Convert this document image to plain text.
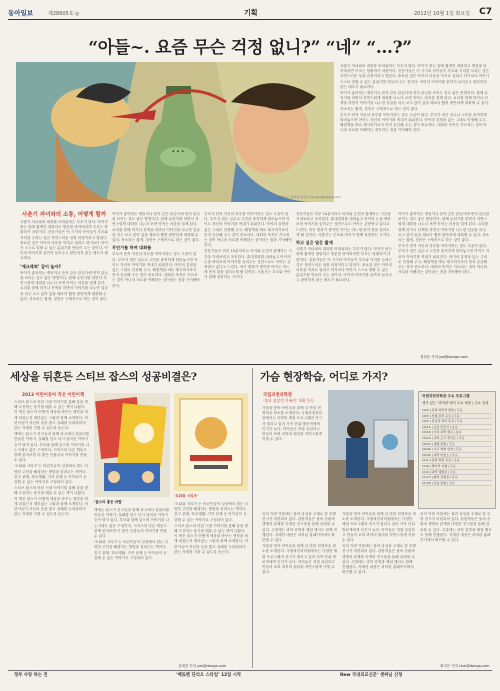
동아일보	제28605호 ◎	기획	2012년 10월 1일 화요일 C7
“아들~. 요즘 무슨 걱정 없니?” “네” “…?”
…
일러스트 김아영 조인주 kimayo@donga.com

사춘기 자녀와의 대화를 어려워하는 부모가 많다. 아이가 묻는 말에 짧게만 대답하고 방문을 닫아버리면 부모는 당황하기 마련이다. 전문가들은 이 시기의 아이들이 부모와 거리를 두려는 것은 자연스러운 성장 과정이라고 말한다. 중요한 것은 아이의 마음을 억지로 열려고 하기보다 아이가 스스로 말할 수 있는 분위기를 만들어 주는 것이다. 아이의 이야기를 끝까지 들어주고 판단하지 않는 태도가 필요하다.

아이가 좋아하는 게임이나 음악 같은 관심사에 먼저 관심을 보이는 것도 좋은 방법이다. 함께 무언가를 하면서 자연스럽게 대화를 나누다 보면 아이는 마음을 열게 된다. 요리를 함께 하거나 산책을 하면서 이야기를 나누면 얼굴을 마주 보고 앉아 있을 때보다 훨씬 편안하게 대화할 수 있다. 잔소리는 짧게, 칭찬은 구체적으로 하는 것이 좋다.

부모가 먼저 자신의 하루를 이야기하는 것도 도움이 된다. 부모가 겪은 실수나 고민을 솔직하게 털어놓으면 아이도 자신의 이야기를 꺼내기 쉬워진다. 아이의 감정을 있는 그대로 인정해 주고, 해결책을 바로 제시하기보다 먼저 공감해 주는 것이 중요하다. 대화의 목적은 가르치는 것이 아니라 서로를 이해하는 것이라는 점을 기억해야 한다.

사춘기 자녀와의 소통, 어떻게 할까

사춘기 자녀와의 대화를 어려워하는 부모가 많다. 아이가 묻는 말에 짧게만 대답하고 방문을 닫아버리면 부모는 당황하기 마련이다. 전문가들은 이 시기의 아이들이 부모와 거리를 두려는 것은 자연스러운 성장 과정이라고 말한다. 중요한 것은 아이의 마음을 억지로 열려고 하기보다 아이가 스스로 말할 수 있는 분위기를 만들어 주는 것이다. 아이의 이야기를 끝까지 들어주고 판단하지 않는 태도가 필요하다.

‘계크레쳐’ 같이 놀자?

아이가 좋아하는 게임이나 음악 같은 관심사에 먼저 관심을 보이는 것도 좋은 방법이다. 함께 무언가를 하면서 자연스럽게 대화를 나누다 보면 아이는 마음을 열게 된다. 요리를 함께 하거나 산책을 하면서 이야기를 나누면 얼굴을 마주 보고 앉아 있을 때보다 훨씬 편안하게 대화할 수 있다. 잔소리는 짧게, 칭찬은 구체적으로 하는 것이 좋다.

아이가 좋아하는 게임이나 음악 같은 관심사에 먼저 관심을 보이는 것도 좋은 방법이다. 함께 무언가를 하면서 자연스럽게 대화를 나누다 보면 아이는 마음을 열게 된다. 요리를 함께 하거나 산책을 하면서 이야기를 나누면 얼굴을 마주 보고 앉아 있을 때보다 훨씬 편안하게 대화할 수 있다. 잔소리는 짧게, 칭찬은 구체적으로 하는 것이 좋다.

무언가를 하며 대화를

부모가 먼저 자신의 하루를 이야기하는 것도 도움이 된다. 부모가 겪은 실수나 고민을 솔직하게 털어놓으면 아이도 자신의 이야기를 꺼내기 쉬워진다. 아이의 감정을 있는 그대로 인정해 주고, 해결책을 바로 제시하기보다 먼저 공감해 주는 것이 중요하다. 대화의 목적은 가르치는 것이 아니라 서로를 이해하는 것이라는 점을 기억해야 한다.

부모가 먼저 자신의 하루를 이야기하는 것도 도움이 된다. 부모가 겪은 실수나 고민을 솔직하게 털어놓으면 아이도 자신의 이야기를 꺼내기 쉬워진다. 아이의 감정을 있는 그대로 인정해 주고, 해결책을 바로 제시하기보다 먼저 공감해 주는 것이 중요하다. 대화의 목적은 가르치는 것이 아니라 서로를 이해하는 것이라는 점을 기억해야 한다.

전문가들은 하루 10분이라도 아이와 온전히 함께하는 시간을 가져보라고 조언한다. 휴대전화를 내려놓고 아이의 눈을 바라보며 이야기를 들어주는 것만으로도 아이는 존중받고 있다고 느낀다. 작은 변화가 쌓이면 아이는 어느새 먼저 말을 걸어오게 될 것이다. 사춘기는 부모와 아이가 함께 성장하는 시기다.

전문가들은 하루 10분이라도 아이와 온전히 함께하는 시간을 가져보라고 조언한다. 휴대전화를 내려놓고 아이의 눈을 바라보며 이야기를 들어주는 것만으로도 아이는 존중받고 있다고 느낀다. 작은 변화가 쌓이면 아이는 어느새 먼저 말을 걸어오게 될 것이다. 사춘기는 부모와 아이가 함께 성장하는 시기다.

하고 싶은 말은 짧게

사춘기 자녀와의 대화를 어려워하는 부모가 많다. 아이가 묻는 말에 짧게만 대답하고 방문을 닫아버리면 부모는 당황하기 마련이다. 전문가들은 이 시기의 아이들이 부모와 거리를 두려는 것은 자연스러운 성장 과정이라고 말한다. 중요한 것은 아이의 마음을 억지로 열려고 하기보다 아이가 스스로 말할 수 있는 분위기를 만들어 주는 것이다. 아이의 이야기를 끝까지 들어주고 판단하지 않는 태도가 필요하다.

아이가 좋아하는 게임이나 음악 같은 관심사에 먼저 관심을 보이는 것도 좋은 방법이다. 함께 무언가를 하면서 자연스럽게 대화를 나누다 보면 아이는 마음을 열게 된다. 요리를 함께 하거나 산책을 하면서 이야기를 나누면 얼굴을 마주 보고 앉아 있을 때보다 훨씬 편안하게 대화할 수 있다. 잔소리는 짧게, 칭찬은 구체적으로 하는 것이 좋다.

부모가 먼저 자신의 하루를 이야기하는 것도 도움이 된다. 부모가 겪은 실수나 고민을 솔직하게 털어놓으면 아이도 자신의 이야기를 꺼내기 쉬워진다. 아이의 감정을 있는 그대로 인정해 주고, 해결책을 바로 제시하기보다 먼저 공감해 주는 것이 중요하다. 대화의 목적은 가르치는 것이 아니라 서로를 이해하는 것이라는 점을 기억해야 한다.

정성운 기자 jsw@donga.com
세상을 뒤흔든 스티브 잡스의 성공비결은?
2013 어린이동아 작은 어린이책

스티브 잡스의 어린 시절 이야기를 통해 꿈을 향해 도전하는 용기를 배울 수 있는 책이 나왔다. 이 책은 잡스가 어떻게 세상을 바꾸는 생각을 하게 되었는지 재미있는 그림과 함께 소개한다. 어린이들이 자신의 꿈을 찾고 실패를 두려워하지 않는 자세를 기를 수 있도록 돕는다.

책에는 잡스가 친구들과 함께 차고에서 컴퓨터를 만들던 이야기, 실패를 딛고 다시 일어선 이야기 등이 담겨 있다. 부모와 함께 읽으며 이야기를 나누기에도 좋은 구성이다. 시리즈의 다른 책들도 함께 읽어보면 더 많은 인물들의 이야기를 만날 수 있다.

‘도와줘 시리즈’는 어린이들이 일상에서 겪는 다양한 고민을 해결하는 방법을 알려주는 책이다. 친구 관계, 학교생활, 가족 문제 등 아이들이 공감할 수 있는 이야기로 구성되어 있다.

스티브 잡스의 어린 시절 이야기를 통해 꿈을 향해 도전하는 용기를 배울 수 있는 책이 나왔다. 이 책은 잡스가 어떻게 세상을 바꾸는 생각을 하게 되었는지 재미있는 그림과 함께 소개한다. 어린이들이 자신의 꿈을 찾고 실패를 두려워하지 않는 자세를 기를 수 있도록 돕는다.

‘잡스의 좋은 마법’

책에는 잡스가 친구들과 함께 차고에서 컴퓨터를 만들던 이야기, 실패를 딛고 다시 일어선 이야기 등이 담겨 있다. 부모와 함께 읽으며 이야기를 나누기에도 좋은 구성이다. 시리즈의 다른 책들도 함께 읽어보면 더 많은 인물들의 이야기를 만날 수 있다.

‘도와줘 시리즈’는 어린이들이 일상에서 겪는 다양한 고민을 해결하는 방법을 알려주는 책이다. 친구 관계, 학교생활, 가족 문제 등 아이들이 공감할 수 있는 이야기로 구성되어 있다.

‘도와줘 시리즈’

‘도와줘 시리즈’는 어린이들이 일상에서 겪는 다양한 고민을 해결하는 방법을 알려주는 책이다. 친구 관계, 학교생활, 가족 문제 등 아이들이 공감할 수 있는 이야기로 구성되어 있다.

스티브 잡스의 어린 시절 이야기를 통해 꿈을 향해 도전하는 용기를 배울 수 있는 책이 나왔다. 이 책은 잡스가 어떻게 세상을 바꾸는 생각을 하게 되었는지 재미있는 그림과 함께 소개한다. 어린이들이 자신의 꿈을 찾고 실패를 두려워하지 않는 자세를 기를 수 있도록 돕는다.

김예진 기자 yes@donga.com
가슴 현장학습, 어디로 가지?
국립과천과학관
‘물과 상상의 가족전’ 개최 등등

가을을 맞아 아이들과 함께 갈 만한 현장학습 장소를 소개한다. 국립과천과학관에서는 다양한 체험 프로그램과 전시가 열리고 있어 가족 단위 방문객에게 인기가 높다. 아이들은 직접 실험하고 만들어 보며 과학의 원리를 자연스럽게 익힐 수 있다.

국립과천과학관 주요 프로그램
생각 있는 ‘과학관’에서 주요 체험 / 주요 일정
10/2 | 꿈의 과학관 체험 | 무료
10/5 | 천체 관측 교실 | 무료
10/9 | 한글날 과학 특강 | 무료
10/12 | 로봇 만들기 | 유료
10/16 | 가족 과학 캠프 | 유료
10/19 | 과학 토크 콘서트 | 무료
10/23 | 생태 탐험 | 무료
10/26 | 우주 영화 상영 | 무료
10/30 | 과학 마술쇼 | 무료
11/2 | 창의 발명 교실 | 유료
11/6 | 별자리 여행 | 무료
11/9 | 과학 체험전 | 무료
11/13 | 화학 실험실 | 유료
11/16 | 공룡 탐험 | 무료

특히 이번 가을에는 물과 상상을 주제로 한 특별 전시가 마련되어 있다. 관람객들은 물의 순환과 생명의 관계를 다양한 전시물을 통해 살펴볼 수 있다. 주말에는 과학 강연과 체험 행사도 함께 진행된다. 자세한 내용은 과학관 홈페이지에서 확인할 수 있다.

가을을 맞아 아이들과 함께 갈 만한 현장학습 장소를 소개한다. 국립과천과학관에서는 다양한 체험 프로그램과 전시가 열리고 있어 가족 단위 방문객에게 인기가 높다. 아이들은 직접 실험하고 만들어 보며 과학의 원리를 자연스럽게 익힐 수 있다.

가을을 맞아 아이들과 함께 갈 만한 현장학습 장소를 소개한다. 국립과천과학관에서는 다양한 체험 프로그램과 전시가 열리고 있어 가족 단위 방문객에게 인기가 높다. 아이들은 직접 실험하고 만들어 보며 과학의 원리를 자연스럽게 익힐 수 있다.

특히 이번 가을에는 물과 상상을 주제로 한 특별 전시가 마련되어 있다. 관람객들은 물의 순환과 생명의 관계를 다양한 전시물을 통해 살펴볼 수 있다. 주말에는 과학 강연과 체험 행사도 함께 진행된다. 자세한 내용은 과학관 홈페이지에서 확인할 수 있다.

특히 이번 가을에는 물과 상상을 주제로 한 특별 전시가 마련되어 있다. 관람객들은 물의 순환과 생명의 관계를 다양한 전시물을 통해 살펴볼 수 있다. 주말에는 과학 강연과 체험 행사도 함께 진행된다. 자세한 내용은 과학관 홈페이지에서 확인할 수 있다.

최지은 기자 choi@donga.com
정부 사랑 하는 전	‘베토벤 단리오 스타일’ 12일 시작	New 국내외교신문‘ 셋짜님 신청
